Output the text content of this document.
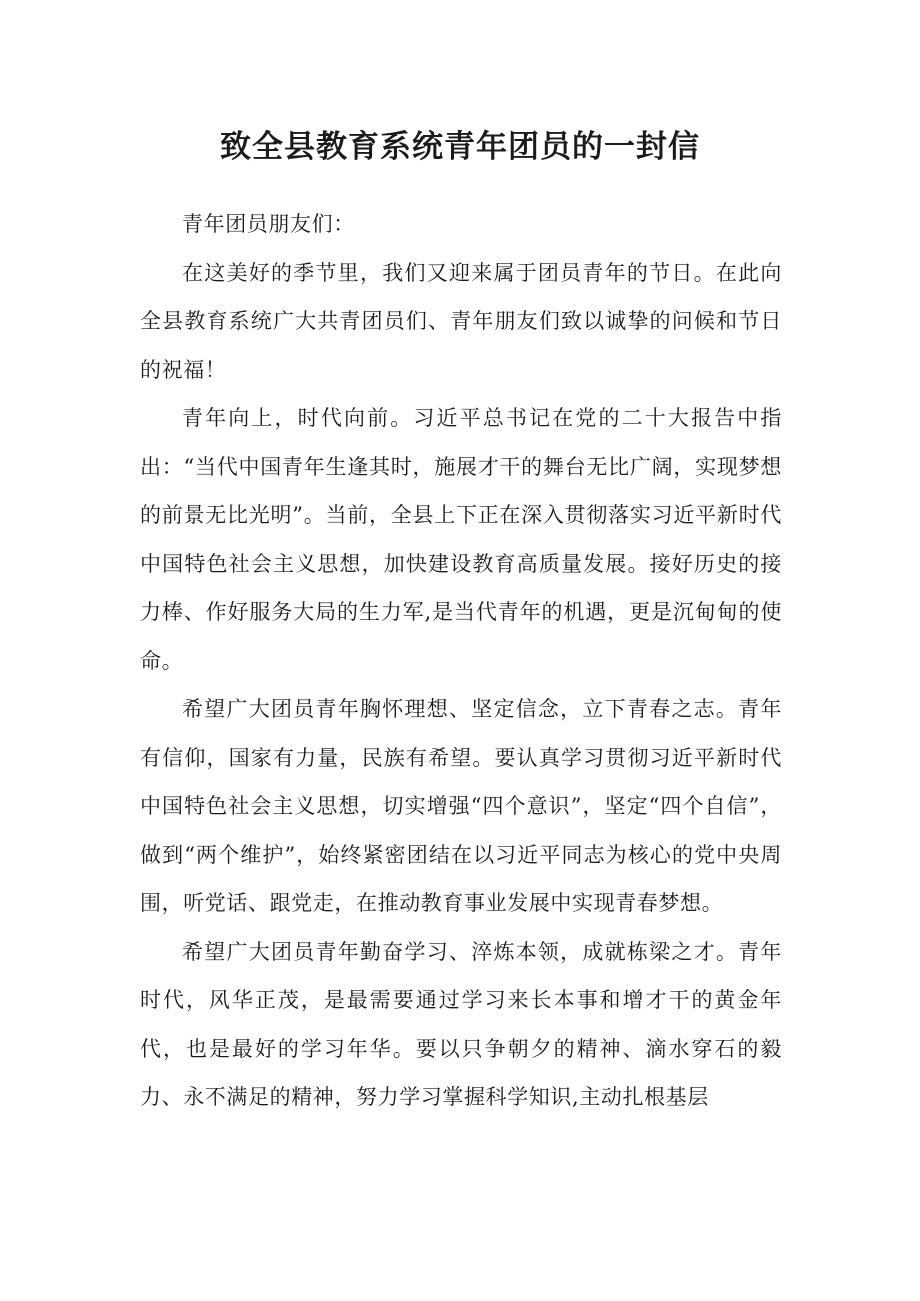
致全县教育系统青年团员的一封信

青年团员朋友们：

在这美好的季节里，我们又迎来属于团员青年的节日。在此向全县教育系统广大共青团员们、青年朋友们致以诚挚的问候和节日的祝福！

青年向上，时代向前。习近平总书记在党的二十大报告中指出：“当代中国青年生逢其时，施展才干的舞台无比广阔，实现梦想的前景无比光明”。当前，全县上下正在深入贯彻落实习近平新时代中国特色社会主义思想，加快建设教育高质量发展。接好历史的接力棒、作好服务大局的生力军,是当代青年的机遇，更是沉甸甸的使命。

希望广大团员青年胸怀理想、坚定信念，立下青春之志。青年有信仰，国家有力量，民族有希望。要认真学习贯彻习近平新时代中国特色社会主义思想，切实增强“四个意识”，坚定“四个自信”，做到“两个维护”，始终紧密团结在以习近平同志为核心的党中央周围，听党话、跟党走，在推动教育事业发展中实现青春梦想。

希望广大团员青年勤奋学习、淬炼本领，成就栋梁之才。青年时代，风华正茂，是最需要通过学习来长本事和增才干的黄金年代，也是最好的学习年华。要以只争朝夕的精神、滴水穿石的毅力、永不满足的精神，努力学习掌握科学知识,主动扎根基层
